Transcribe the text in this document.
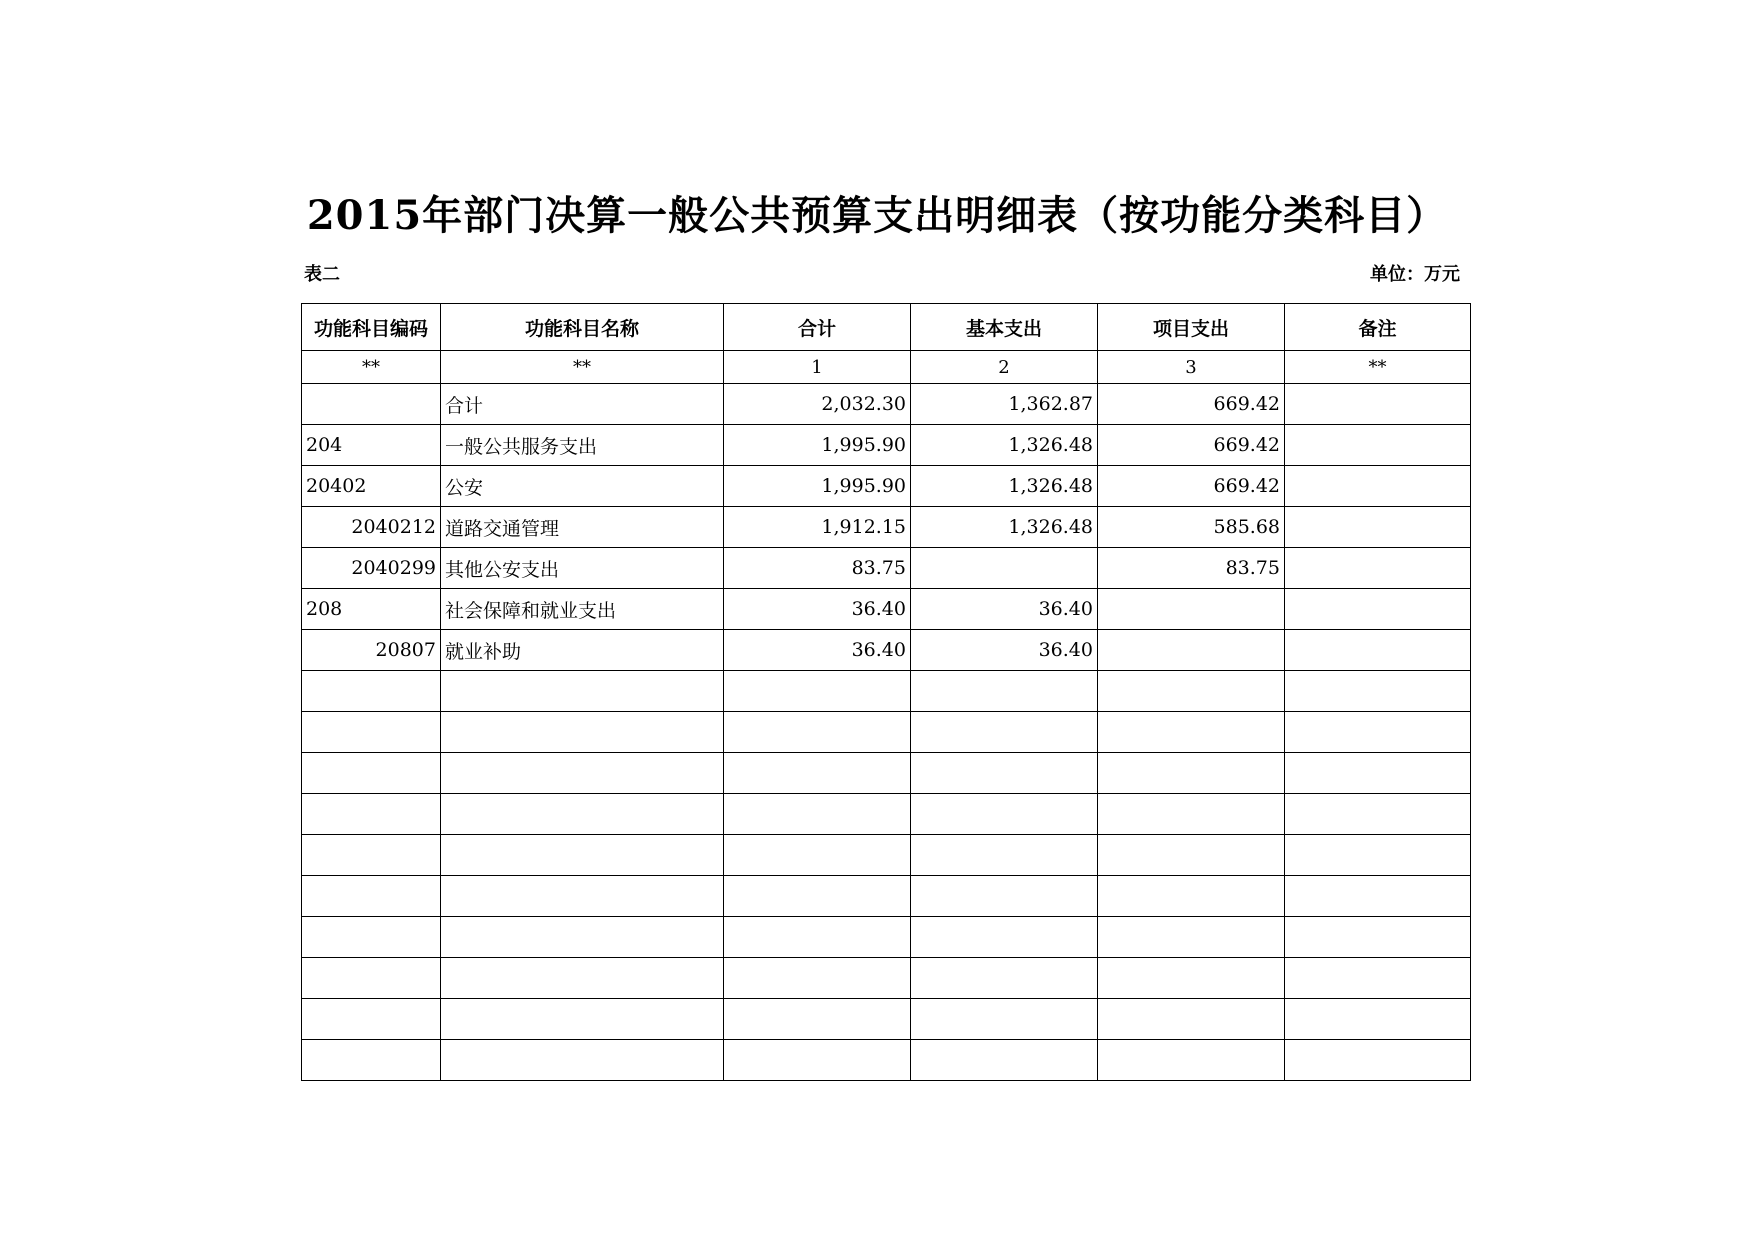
2015年部门决算一般公共预算支出明细表（按功能分类科目）
表二	单位：万元
功能科目编码	功能科目名称	合计	基本支出	项目支出	备注
**	**	1	2	3	**
	合计	2,032.30	1,362.87	669.42	
204	一般公共服务支出	1,995.90	1,326.48	669.42	
20402	公安	1,995.90	1,326.48	669.42	
2040212	道路交通管理	1,912.15	1,326.48	585.68	
2040299	其他公安支出	83.75		83.75	
208	社会保障和就业支出	36.40	36.40		
20807	就业补助	36.40	36.40		
